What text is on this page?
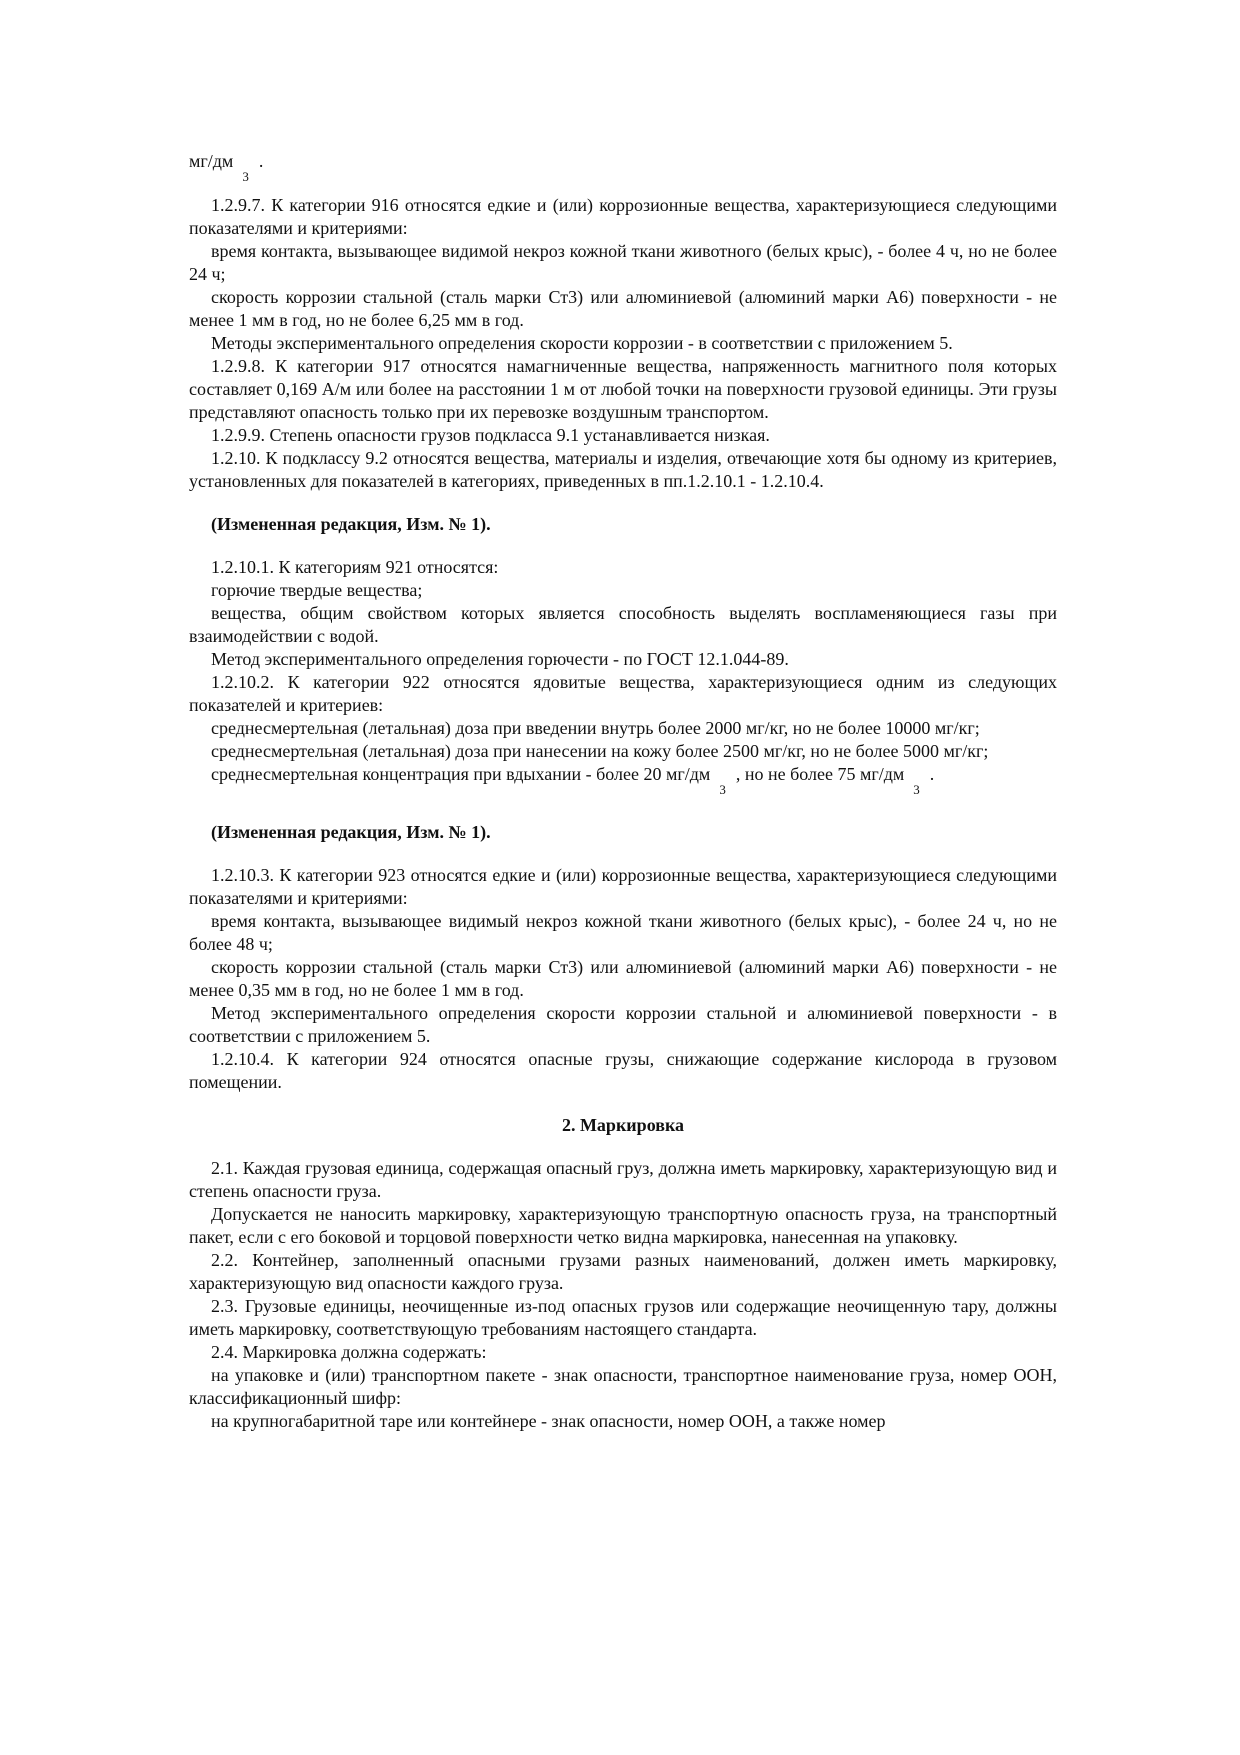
$мг/дм_3$.

1.2.9.7. К категории 916 относятся едкие и (или) коррозионные вещества, характеризующиеся следующими показателями и критериями:

время контакта, вызывающее видимой некроз кожной ткани животного (белых крыс), - более 4 ч, но не более 24 ч;

скорость коррозии стальной (сталь марки Ст3) или алюминиевой (алюминий марки А6) поверхности - не менее 1 мм в год, но не более 6,25 мм в год.

Методы экспериментального определения скорости коррозии - в соответствии с приложением 5.

1.2.9.8. К категории 917 относятся намагниченные вещества, напряженность магнитного поля которых составляет 0,169 А/м или более на расстоянии 1 м от любой точки на поверхности грузовой единицы. Эти грузы представляют опасность только при их перевозке воздушным транспортом.

1.2.9.9. Степень опасности грузов подкласса 9.1 устанавливается низкая.

1.2.10. К подклассу 9.2 относятся вещества, материалы и изделия, отвечающие хотя бы одному из критериев, установленных для показателей в категориях, приведенных в пп.1.2.10.1 - 1.2.10.4.

(Измененная редакция, Изм. № 1).

1.2.10.1. К категориям 921 относятся:

горючие твердые вещества;

вещества, общим свойством которых является способность выделять воспламеняющиеся газы при взаимодействии с водой.

Метод экспериментального определения горючести - по ГОСТ 12.1.044-89.

1.2.10.2. К категории 922 относятся ядовитые вещества, характеризующиеся одним из следующих показателей и критериев:

среднесмертельная (летальная) доза при введении внутрь более 2000 мг/кг, но не более 10000 мг/кг;

среднесмертельная (летальная) доза при нанесении на кожу более 2500 мг/кг, но не более 5000 мг/кг;

среднесмертельная концентрация при вдыхании - более 20 $мг/дм_3$, но не более 75 $мг/дм_3$.

(Измененная редакция, Изм. № 1).

1.2.10.3. К категории 923 относятся едкие и (или) коррозионные вещества, характеризующиеся следующими показателями и критериями:

время контакта, вызывающее видимый некроз кожной ткани животного (белых крыс), - более 24 ч, но не более 48 ч;

скорость коррозии стальной (сталь марки Ст3) или алюминиевой (алюминий марки А6) поверхности - не менее 0,35 мм в год, но не более 1 мм в год.

Метод экспериментального определения скорости коррозии стальной и алюминиевой поверхности - в соответствии с приложением 5.

1.2.10.4. К категории 924 относятся опасные грузы, снижающие содержание кислорода в грузовом помещении.

2. Маркировка

2.1. Каждая грузовая единица, содержащая опасный груз, должна иметь маркировку, характеризующую вид и степень опасности груза.

Допускается не наносить маркировку, характеризующую транспортную опасность груза, на транспортный пакет, если с его боковой и торцовой поверхности четко видна маркировка, нанесенная на упаковку.

2.2. Контейнер, заполненный опасными грузами разных наименований, должен иметь маркировку, характеризующую вид опасности каждого груза.

2.3. Грузовые единицы, неочищенные из-под опасных грузов или содержащие неочищенную тару, должны иметь маркировку, соответствующую требованиям настоящего стандарта.

2.4. Маркировка должна содержать:

на упаковке и (или) транспортном пакете - знак опасности, транспортное наименование груза, номер ООН, классификационный шифр:

на крупногабаритной таре или контейнере - знак опасности, номер ООН, а также номер
